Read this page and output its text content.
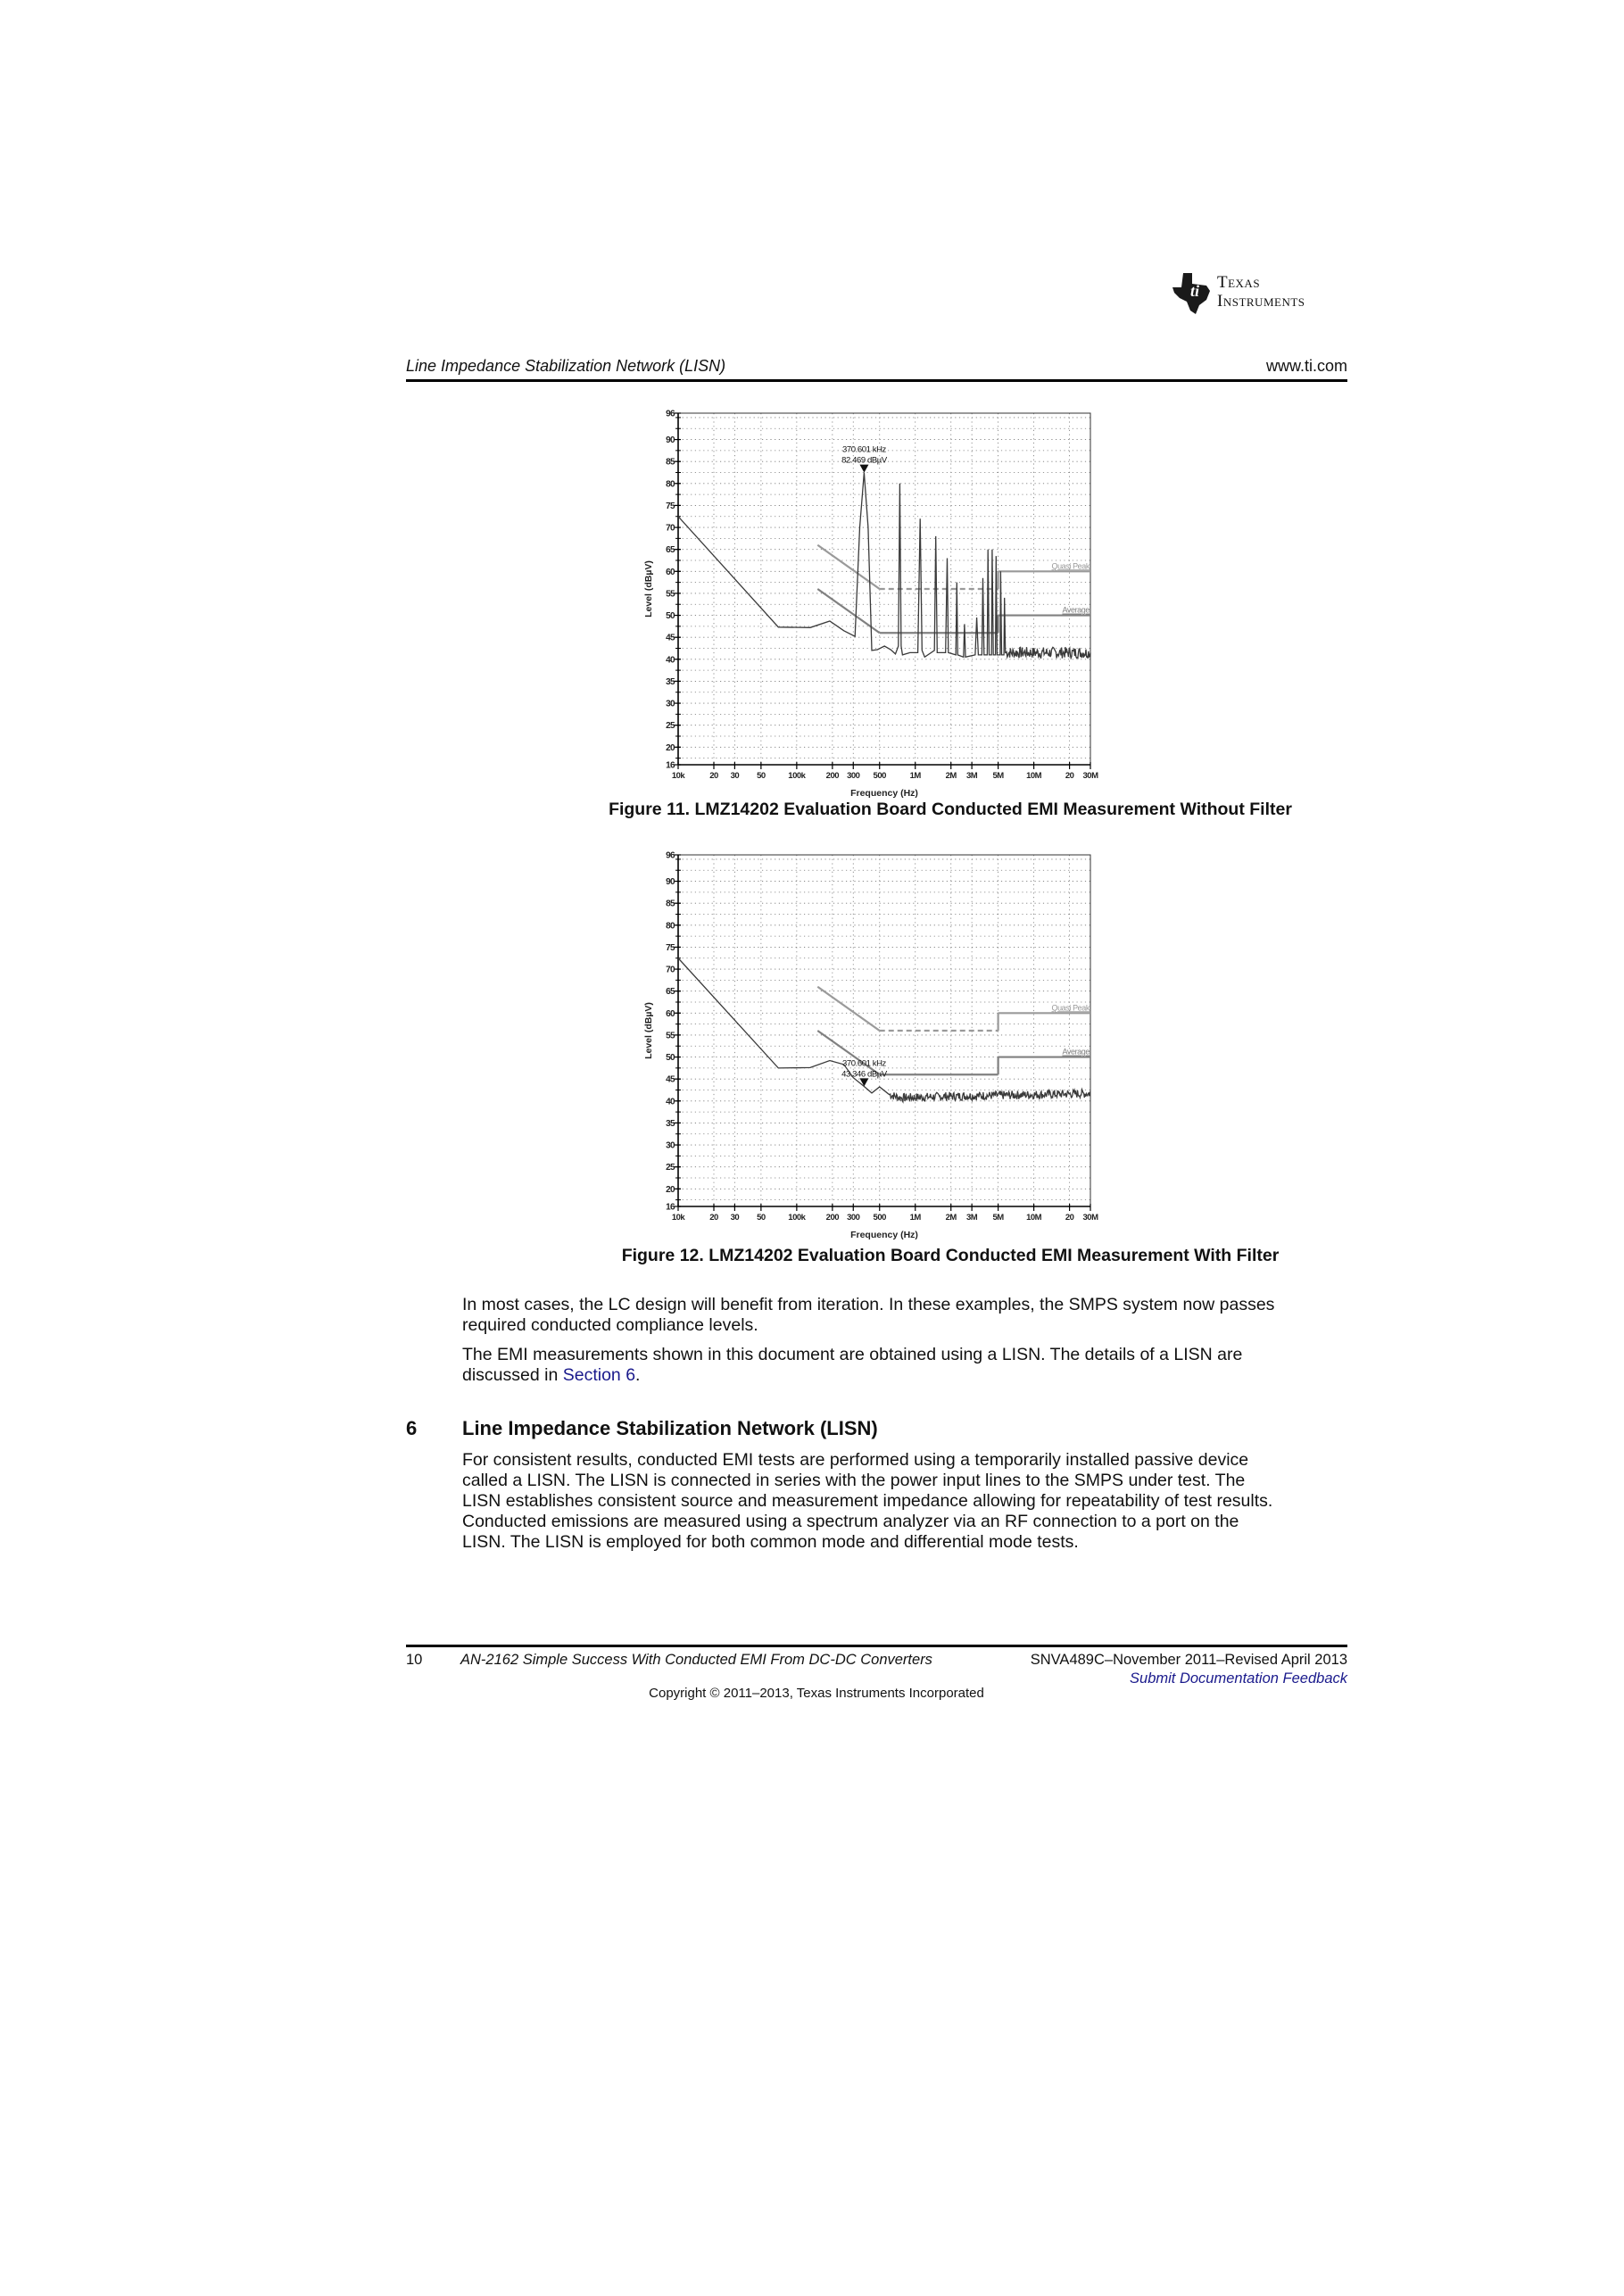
ti Texas
Instruments
Line Impedance Stabilization Network (LISN)	www.ti.com
16
20
25
30
35
40
45
50
55
60
65
70
75
80
85
90
96
10k	20 30 50	100k 200 300 500	1M	2M 3M 5M	10M	20 30M
Frequency (Hz)
Level (dBµV)	Quasi Peak
Average
370.601 kHz
82.469 dBµV
Figure 11. LMZ14202 Evaluation Board Conducted EMI Measurement Without Filter
16
20
25
30
35
40
45
50
55
60
65
70
75
80
85
90
96
10k	20 30 50	100k 200 300 500	1M	2M 3M 5M	10M	20 30M
Frequency (Hz)
Level (dBµV)	Quasi Peak
Average
370.601 kHz
43.346 dBµV
Figure 12. LMZ14202 Evaluation Board Conducted EMI Measurement With Filter
In most cases, the LC design will benefit from iteration. In these examples, the SMPS system now passes
required conducted compliance levels.
The EMI measurements shown in this document are obtained using a LISN. The details of a LISN are
discussed in Section 6.
6 Line Impedance Stabilization Network (LISN)
For consistent results, conducted EMI tests are performed using a temporarily installed passive device
called a LISN. The LISN is connected in series with the power input lines to the SMPS under test. The
LISN establishes consistent source and measurement impedance allowing for repeatability of test results.
Conducted emissions are measured using a spectrum analyzer via an RF connection to a port on the
LISN. The LISN is employed for both common mode and differential mode tests.
10	AN-2162 Simple Success With Conducted EMI From DC-DC Converters	SNVA489C–November 2011–Revised April 2013
Submit Documentation Feedback
Copyright © 2011–2013, Texas Instruments Incorporated
